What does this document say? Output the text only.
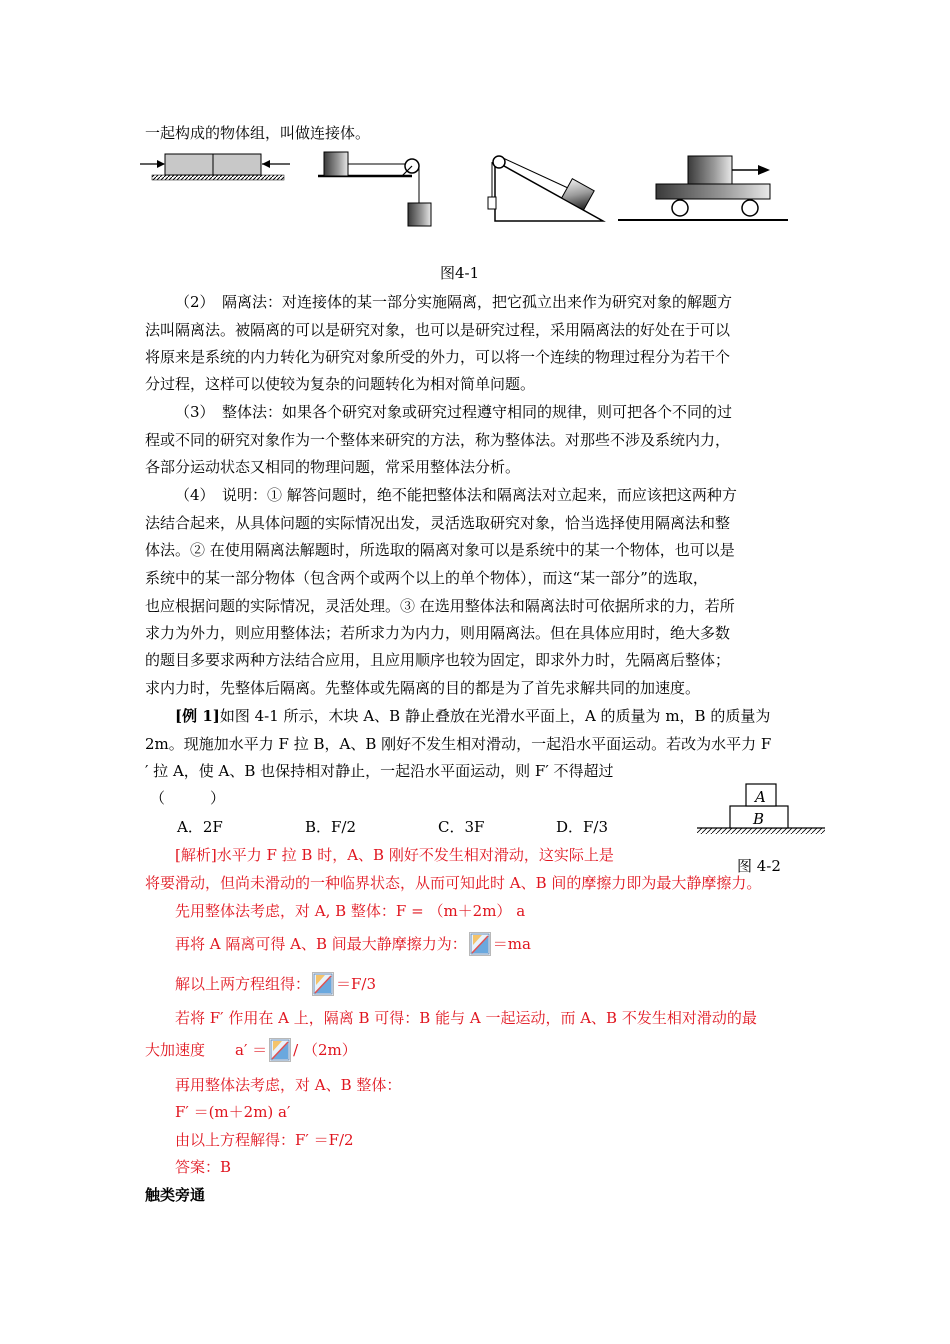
一起构成的物体组，叫做连接体。
图4-1
（2）　隔离法：对连接体的某一部分实施隔离，把它孤立出来作为研究对象的解题方
法叫隔离法。被隔离的可以是研究对象，也可以是研究过程，采用隔离法的好处在于可以
将原来是系统的内力转化为研究对象所受的外力，可以将一个连续的物理过程分为若干个
分过程，这样可以使较为复杂的问题转化为相对简单问题。
（3）　整体法：如果各个研究对象或研究过程遵守相同的规律，则可把各个不同的过
程或不同的研究对象作为一个整体来研究的方法，称为整体法。对那些不涉及系统内力，
各部分运动状态又相同的物理问题，常采用整体法分析。
（4）　说明：① 解答问题时，绝不能把整体法和隔离法对立起来，而应该把这两种方
法结合起来，从具体问题的实际情况出发，灵活选取研究对象，恰当选择使用隔离法和整
体法。② 在使用隔离法解题时，所选取的隔离对象可以是系统中的某一个物体，也可以是
系统中的某一部分物体（包含两个或两个以上的单个物体），而这“某一部分”的选取，
也应根据问题的实际情况，灵活处理。③ 在选用整体法和隔离法时可依据所求的力，若所
求力为外力，则应用整体法；若所求力为内力，则用隔离法。但在具体应用时，绝大多数
的题目多要求两种方法结合应用，且应用顺序也较为固定，即求外力时，先隔离后整体；
求内力时，先整体后隔离。先整体或先隔离的目的都是为了首先求解共同的加速度。
[例 1]如图 4-1 所示，木块 A、B 静止叠放在光滑水平面上，A 的质量为 m，B 的质量为
2m。现施加水平力 F 拉 B，A、B 刚好不发生相对滑动，一起沿水平面运动。若改为水平力 F
′ 拉 A，使 A、B 也保持相对静止，一起沿水平面运动，则 F′ 不得超过
（　　　）
A．2F	B．F/2	C．3F	D．F/3
A
B
图 4-2
[解析]水平力 F 拉 B 时，A、B 刚好不发生相对滑动，这实际上是
将要滑动，但尚未滑动的一种临界状态，从而可知此时 A、B 间的摩擦力即为最大静摩擦力。
先用整体法考虑，对 A, B 整体：F = （m＋2m） a
再将 A 隔离可得 A、B 间最大静摩擦力为： ＝ma
解以上两方程组得： ＝F/3
若将 F′ 作用在 A 上，隔离 B 可得：B 能与 A 一起运动，而 A、B 不发生相对滑动的最
大加速度　　a′ ＝ / （2m）
再用整体法考虑，对 A、B 整体：
F′ ＝(m＋2m) a′
由以上方程解得：F′ ＝F/2
答案：B
触类旁通
